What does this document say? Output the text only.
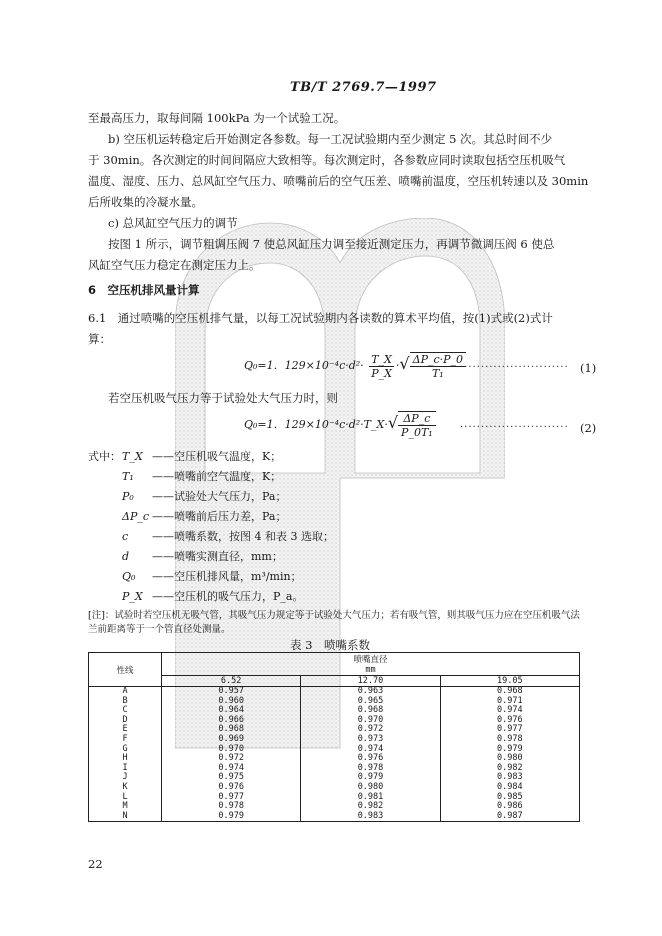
TB/T 2769.7—1997
至最高压力，取每间隔 100kPa 为一个试验工况。
b) 空压机运转稳定后开始测定各参数。每一工况试验期内至少测定 5 次。其总时间不少
于 30min。各次测定的时间间隔应大致相等。每次测定时，各参数应同时读取包括空压机吸气
温度、湿度、压力、总风缸空气压力、喷嘴前后的空气压差、喷嘴前温度，空压机转速以及 30min
后所收集的冷凝水量。
c) 总风缸空气压力的调节
按图 1 所示，调节粗调压阀 7 使总风缸压力调至接近测定压力，再调节微调压阀 6 使总
风缸空气压力稳定在测定压力上。
6　空压机排风量计算
6.1　通过喷嘴的空压机排气量，以每工况试验期内各读数的算术平均值，按(1)式或(2)式计
算：
Q₀=1．$129\times 10^{-4}c\cdot d^2\cdot \frac{T\_X}{P\_X}$ ·√ $\frac{\Delta P\_c\cdot P\_0}{\text{T₁}}$
·························· (1)
若空压机吸气压力等于试验处大气压力时，则
Q₀=1．129×10⁻⁴c·d²·T_X·√ $\frac{\Delta P\_c}{\text{P\_0T₁}}$ ·························· (2)
式中： T_X ——空压机吸气温度，K；
T₁ ——喷嘴前空气温度，K；
P₀ ——试验处大气压力，Pa；
ΔP_c ——喷嘴前后压力差，Pa；
c ——喷嘴系数，按图 4 和表 3 选取；
d ——喷嘴实测直径，mm；
Q₀ ——空压机排风量，m³/min；
P_X ——空压机的吸气压力，P_a。
[注]：试验时若空压机无吸气管，其吸气压力规定等于试验处大气压力；若有吸气管，则其吸气压力应在空压机吸气法
兰前距离等于一个管直径处测量。
表 3　喷嘴系数
性线	喷嘴直径		
	mm		
	6.52	12.70	19.05
A	0.957	0.963	0.968
B	0.960	0.965	0.971
C	0.964	0.968	0.974
D	0.966	0.970	0.976
E	0.968	0.972	0.977
F	0.969	0.973	0.978
G	0.970	0.974	0.979
H	0.972	0.976	0.980
I	0.974	0.978	0.982
J	0.975	0.979	0.983
K	0.976	0.980	0.984
L	0.977	0.981	0.985
M	0.978	0.982	0.986
N	0.979	0.983	0.987
22
